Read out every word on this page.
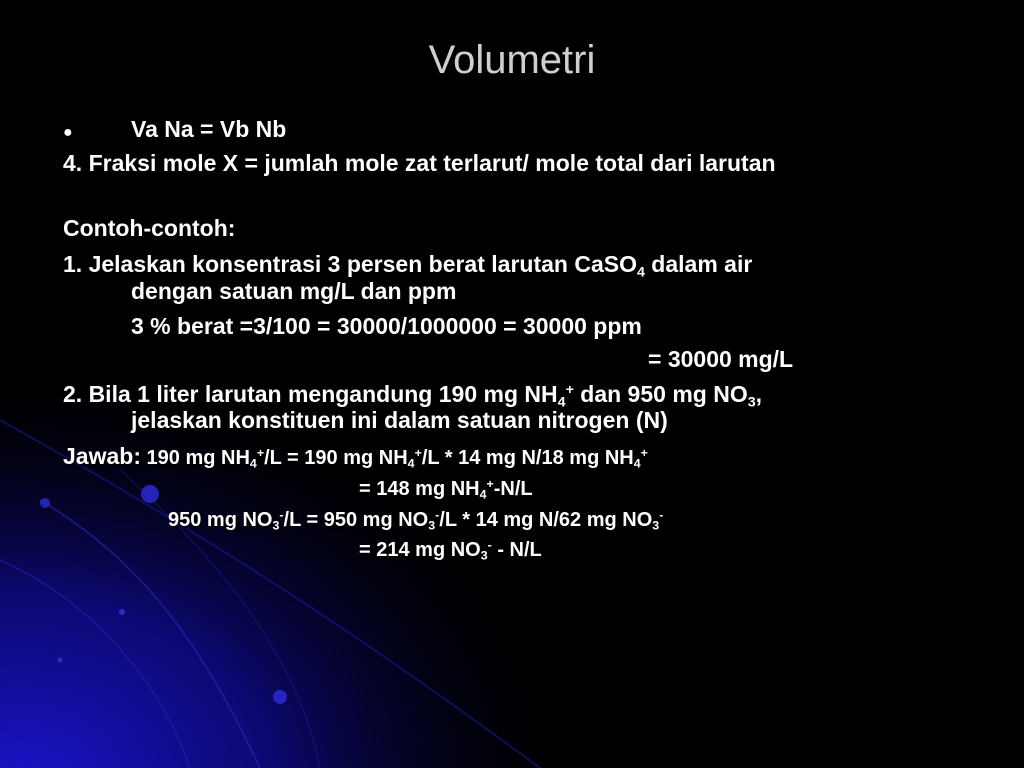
Volumetri
●	Va Na = Vb Nb
4. Fraksi mole X = jumlah mole zat terlarut/ mole total dari larutan
Contoh-contoh:
1. Jelaskan konsentrasi 3 persen berat larutan CaSO$_4$ dalam air
dengan satuan mg/L dan ppm
3 % berat =3/100 = 30000/1000000 = 30000 ppm
= 30000 mg/L
2. Bila 1 liter larutan mengandung 190 mg $NH_4^+$ dan 950 mg $NO_3$,
jelaskan konstituen ini dalam satuan nitrogen (N)
Jawab: 190 mg $NH_4^+/L = 190$ mg $NH_4^+/L * 14$ mg N/18 mg $NH_4^+$
= 148 mg $NH_4^+-N/L$
950 mg $NO_3^-/L = 950$ mg $NO_3^-/L * 14$ mg N/62 mg $NO_3^-$
= 214 mg $NO_3^- - N/L$
